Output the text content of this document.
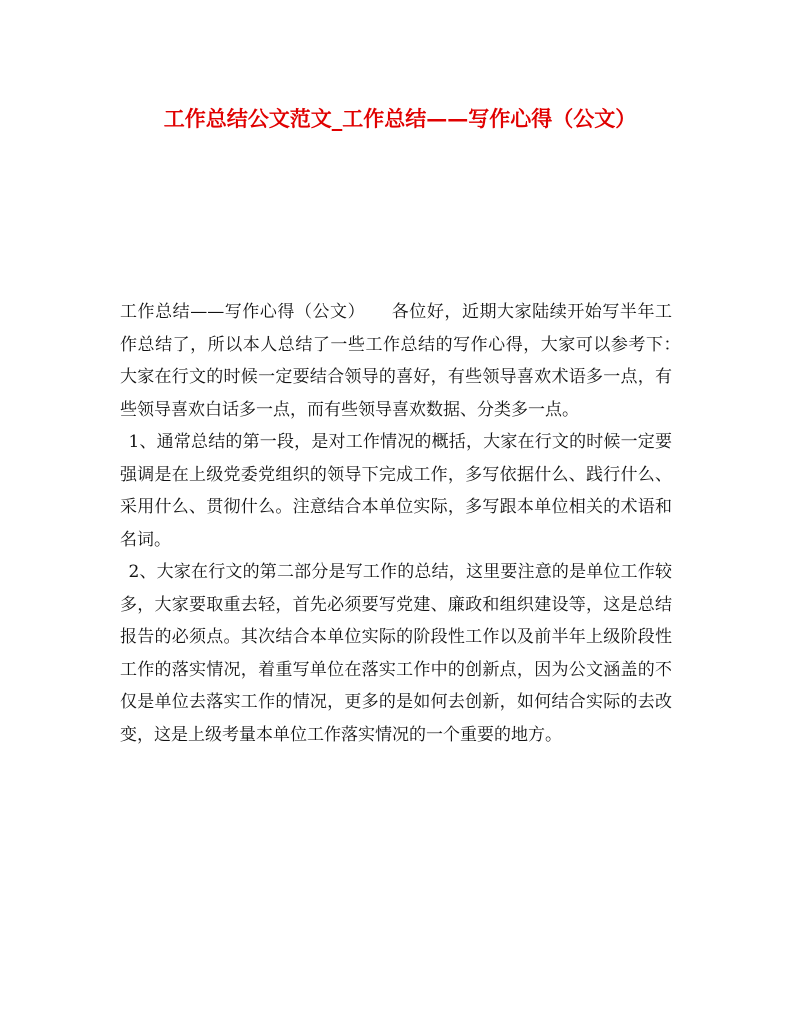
工作总结公文范文_工作总结——写作心得（公文）

工作总结——写作心得（公文）　　各位好，近期大家陆续开始写半年工作总结了，所以本人总结了一些工作总结的写作心得，大家可以参考下：　　大家在行文的时候一定要结合领导的喜好，有些领导喜欢术语多一点，有些领导喜欢白话多一点，而有些领导喜欢数据、分类多一点。

1、通常总结的第一段，是对工作情况的概括，大家在行文的时候一定要强调是在上级党委党组织的领导下完成工作，多写依据什么、践行什么、采用什么、贯彻什么。注意结合本单位实际，多写跟本单位相关的术语和名词。

2、大家在行文的第二部分是写工作的总结，这里要注意的是单位工作较多，大家要取重去轻，首先必须要写党建、廉政和组织建设等，这是总结报告的必须点。其次结合本单位实际的阶段性工作以及前半年上级阶段性工作的落实情况，着重写单位在落实工作中的创新点，因为公文涵盖的不仅是单位去落实工作的情况，更多的是如何去创新，如何结合实际的去改变，这是上级考量本单位工作落实情况的一个重要的地方。
